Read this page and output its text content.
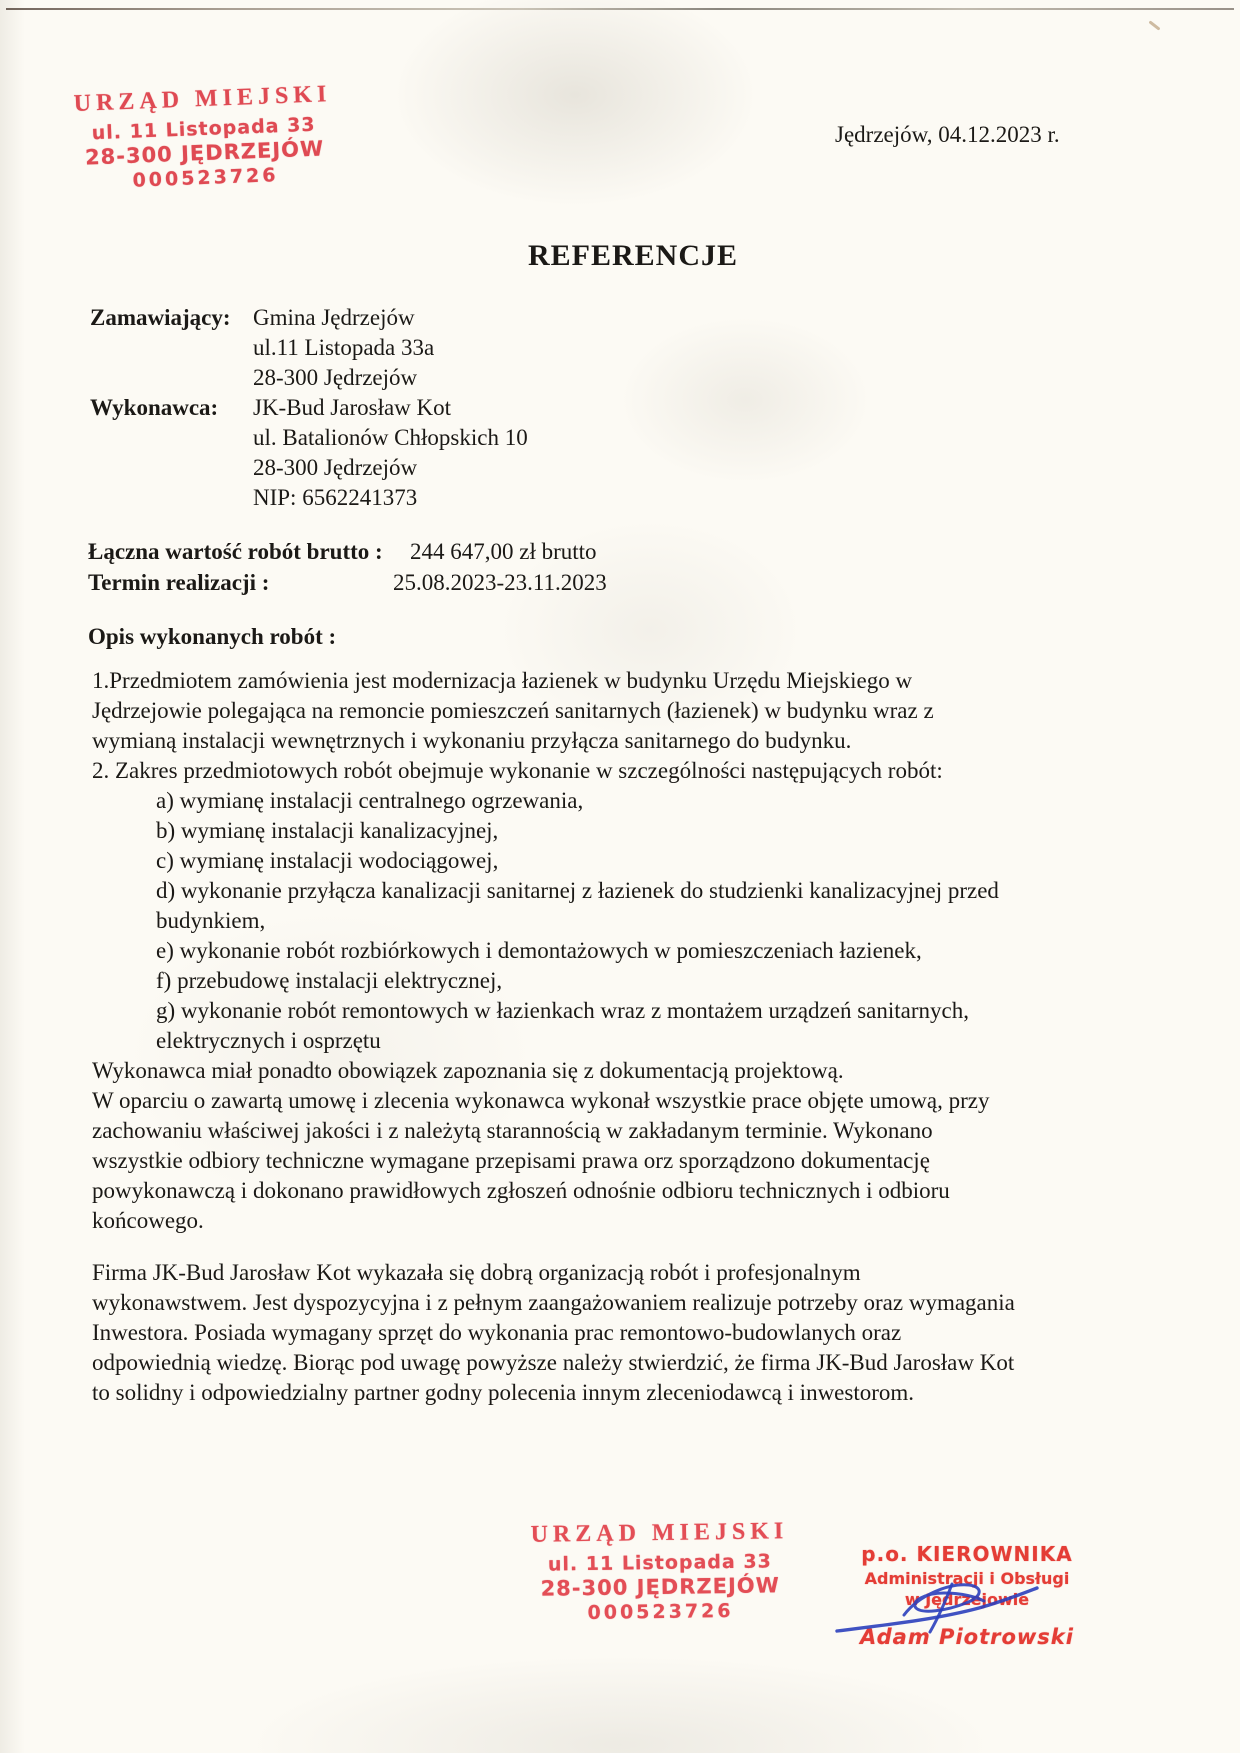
URZĄD MIEJSKI
ul. 11 Listopada 33
28-300 JĘDRZEJÓW
000523726
Jędrzejów, 04.12.2023 r.
REFERENCJE
Zamawiający: Gmina Jędrzejów
ul.11 Listopada 33a
28-300 Jędrzejów
Wykonawca:	JK-Bud Jarosław Kot
ul. Batalionów Chłopskich 10
28-300 Jędrzejów
NIP: 6562241373
Łączna wartość robót brutto : 244 647,00 zł brutto
Termin realizacji :	25.08.2023-23.11.2023
Opis wykonanych robót :
1.Przedmiotem zamówienia jest modernizacja łazienek w budynku Urzędu Miejskiego w
Jędrzejowie polegająca na remoncie pomieszczeń sanitarnych (łazienek) w budynku wraz z
wymianą instalacji wewnętrznych i wykonaniu przyłącza sanitarnego do budynku.
2. Zakres przedmiotowych robót obejmuje wykonanie w szczególności następujących robót:
a) wymianę instalacji centralnego ogrzewania,
b) wymianę instalacji kanalizacyjnej,
c) wymianę instalacji wodociągowej,
d) wykonanie przyłącza kanalizacji sanitarnej z łazienek do studzienki kanalizacyjnej przed
budynkiem,
e) wykonanie robót rozbiórkowych i demontażowych w pomieszczeniach łazienek,
f) przebudowę instalacji elektrycznej,
g) wykonanie robót remontowych w łazienkach wraz z montażem urządzeń sanitarnych,
elektrycznych i osprzętu
Wykonawca miał ponadto obowiązek zapoznania się z dokumentacją projektową.
W oparciu o zawartą umowę i zlecenia wykonawca wykonał wszystkie prace objęte umową, przy
zachowaniu właściwej jakości i z należytą starannością w zakładanym terminie. Wykonano
wszystkie odbiory techniczne wymagane przepisami prawa orz sporządzono dokumentację
powykonawczą i dokonano prawidłowych zgłoszeń odnośnie odbioru technicznych i odbioru
końcowego.
Firma JK-Bud Jarosław Kot wykazała się dobrą organizacją robót i profesjonalnym
wykonawstwem. Jest dyspozycyjna i z pełnym zaangażowaniem realizuje potrzeby oraz wymagania
Inwestora. Posiada wymagany sprzęt do wykonania prac remontowo-budowlanych oraz
odpowiednią wiedzę. Biorąc pod uwagę powyższe należy stwierdzić, że firma JK-Bud Jarosław Kot
to solidny i odpowiedzialny partner godny polecenia innym zleceniodawcą i inwestorom.
URZĄD MIEJSKI
ul. 11 Listopada 33
28-300 JĘDRZEJÓW
000523726
p.o. KIEROWNIKA
Administracji i Obsługi
w Jędrzejowie
Adam Piotrowski
